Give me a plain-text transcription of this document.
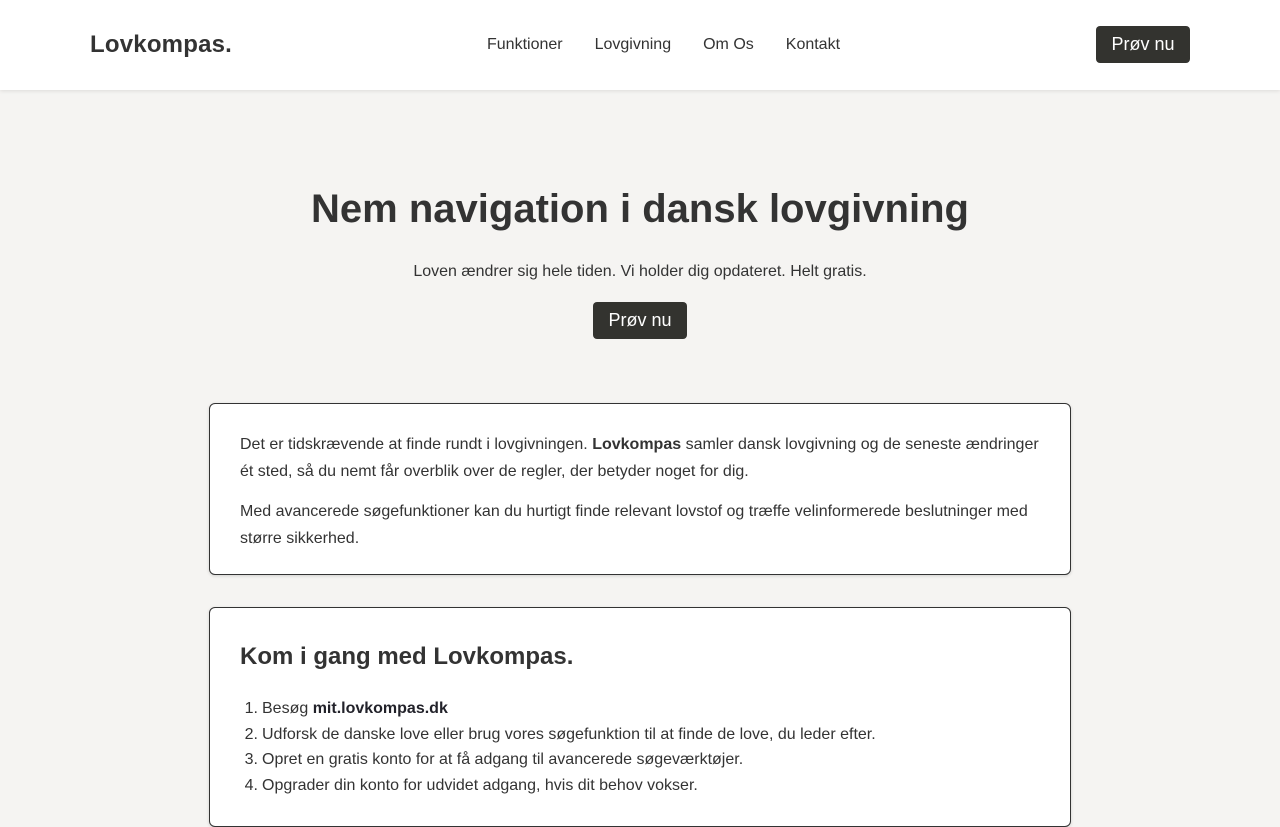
Lovkompas.	Funktioner Lovgivning Om Os Kontakt	Prøv nu
Nem navigation i dansk lovgivning

Loven ændrer sig hele tiden. Vi holder dig opdateret. Helt gratis.

Prøv nu

Det er tidskrævende at finde rundt i lovgivningen. Lovkompas samler dansk lovgivning og de seneste ændringer ét sted, så du nemt får overblik over de regler, der betyder noget for dig.

Med avancerede søgefunktioner kan du hurtigt finde relevant lovstof og træffe velinformerede beslutninger med større sikkerhed.

Kom i gang med Lovkompas.
1. Besøg mit.lovkompas.dk
2. Udforsk de danske love eller brug vores søgefunktion til at finde de love, du leder efter.
3. Opret en gratis konto for at få adgang til avancerede søgeværktøjer.
4. Opgrader din konto for udvidet adgang, hvis dit behov vokser.
